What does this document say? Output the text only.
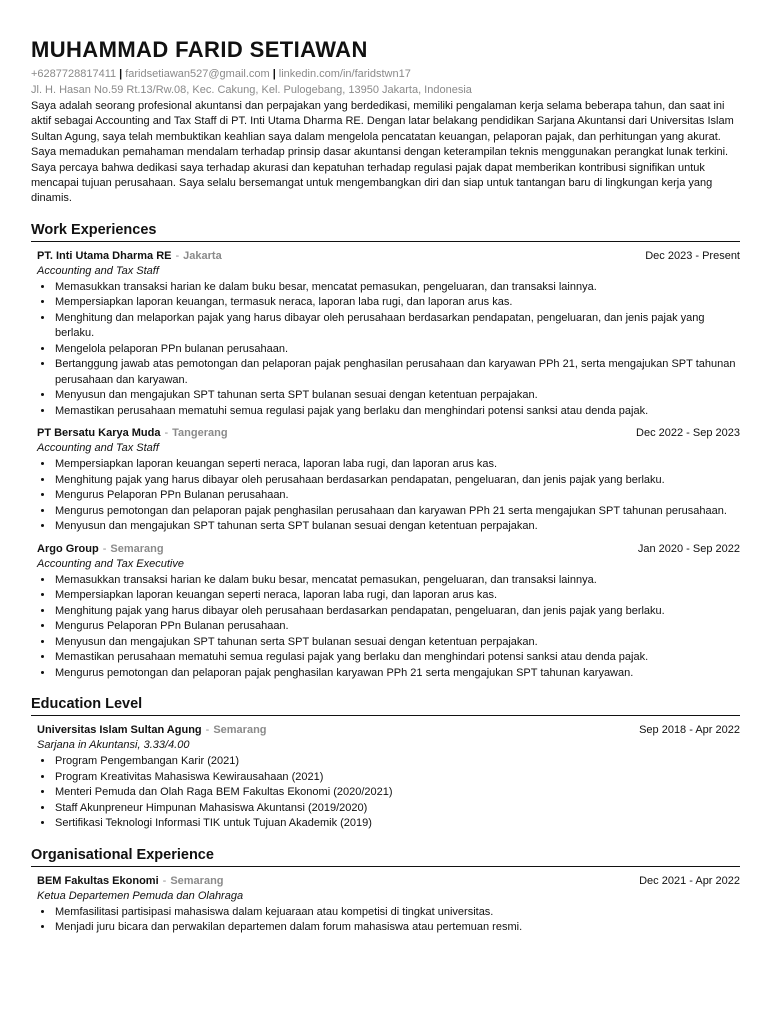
MUHAMMAD FARID SETIAWAN
+6287728817411 | faridsetiawan527@gmail.com | linkedin.com/in/faridstwn17
Jl. H. Hasan No.59 Rt.13/Rw.08, Kec. Cakung, Kel. Pulogebang, 13950 Jakarta, Indonesia
Saya adalah seorang profesional akuntansi dan perpajakan yang berdedikasi, memiliki pengalaman kerja selama beberapa tahun, dan saat ini aktif sebagai Accounting and Tax Staff di PT. Inti Utama Dharma RE. Dengan latar belakang pendidikan Sarjana Akuntansi dari Universitas Islam Sultan Agung, saya telah membuktikan keahlian saya dalam mengelola pencatatan keuangan, pelaporan pajak, dan perhitungan yang akurat. Saya memadukan pemahaman mendalam terhadap prinsip dasar akuntansi dengan keterampilan teknis menggunakan perangkat lunak terkini. Saya percaya bahwa dedikasi saya terhadap akurasi dan kepatuhan terhadap regulasi pajak dapat memberikan kontribusi signifikan untuk mencapai tujuan perusahaan. Saya selalu bersemangat untuk mengembangkan diri dan siap untuk tantangan baru di lingkungan kerja yang dinamis.
Work Experiences
PT. Inti Utama Dharma RE - Jakarta	Dec 2023 - Present
Accounting and Tax Staff
• Memasukkan transaksi harian ke dalam buku besar, mencatat pemasukan, pengeluaran, dan transaksi lainnya.
• Mempersiapkan laporan keuangan, termasuk neraca, laporan laba rugi, dan laporan arus kas.
• Menghitung dan melaporkan pajak yang harus dibayar oleh perusahaan berdasarkan pendapatan, pengeluaran, dan jenis pajak yang berlaku.
• Mengelola pelaporan PPn bulanan perusahaan.
• Bertanggung jawab atas pemotongan dan pelaporan pajak penghasilan perusahaan dan karyawan PPh 21, serta mengajukan SPT tahunan perusahaan dan karyawan.
• Menyusun dan mengajukan SPT tahunan serta SPT bulanan sesuai dengan ketentuan perpajakan.
• Memastikan perusahaan mematuhi semua regulasi pajak yang berlaku dan menghindari potensi sanksi atau denda pajak.
PT Bersatu Karya Muda - Tangerang	Dec 2022 - Sep 2023
Accounting and Tax Staff
• Mempersiapkan laporan keuangan seperti neraca, laporan laba rugi, dan laporan arus kas.
• Menghitung pajak yang harus dibayar oleh perusahaan berdasarkan pendapatan, pengeluaran, dan jenis pajak yang berlaku.
• Mengurus Pelaporan PPn Bulanan perusahaan.
• Mengurus pemotongan dan pelaporan pajak penghasilan perusahaan dan karyawan PPh 21 serta mengajukan SPT tahunan perusahaan.
• Menyusun dan mengajukan SPT tahunan serta SPT bulanan sesuai dengan ketentuan perpajakan.
Argo Group - Semarang	Jan 2020 - Sep 2022
Accounting and Tax Executive
• Memasukkan transaksi harian ke dalam buku besar, mencatat pemasukan, pengeluaran, dan transaksi lainnya.
• Mempersiapkan laporan keuangan seperti neraca, laporan laba rugi, dan laporan arus kas.
• Menghitung pajak yang harus dibayar oleh perusahaan berdasarkan pendapatan, pengeluaran, dan jenis pajak yang berlaku.
• Mengurus Pelaporan PPn Bulanan perusahaan.
• Menyusun dan mengajukan SPT tahunan serta SPT bulanan sesuai dengan ketentuan perpajakan.
• Memastikan perusahaan mematuhi semua regulasi pajak yang berlaku dan menghindari potensi sanksi atau denda pajak.
• Mengurus pemotongan dan pelaporan pajak penghasilan karyawan PPh 21 serta mengajukan SPT tahunan karyawan.
Education Level
Universitas Islam Sultan Agung - Semarang	Sep 2018 - Apr 2022
Sarjana in Akuntansi, 3.33/4.00
• Program Pengembangan Karir (2021)
• Program Kreativitas Mahasiswa Kewirausahaan (2021)
• Menteri Pemuda dan Olah Raga BEM Fakultas Ekonomi (2020/2021)
• Staff Akunpreneur Himpunan Mahasiswa Akuntansi (2019/2020)
• Sertifikasi Teknologi Informasi TIK untuk Tujuan Akademik (2019)
Organisational Experience
BEM Fakultas Ekonomi - Semarang	Dec 2021 - Apr 2022
Ketua Departemen Pemuda dan Olahraga
• Memfasilitasi partisipasi mahasiswa dalam kejuaraan atau kompetisi di tingkat universitas.
• Menjadi juru bicara dan perwakilan departemen dalam forum mahasiswa atau pertemuan resmi.
